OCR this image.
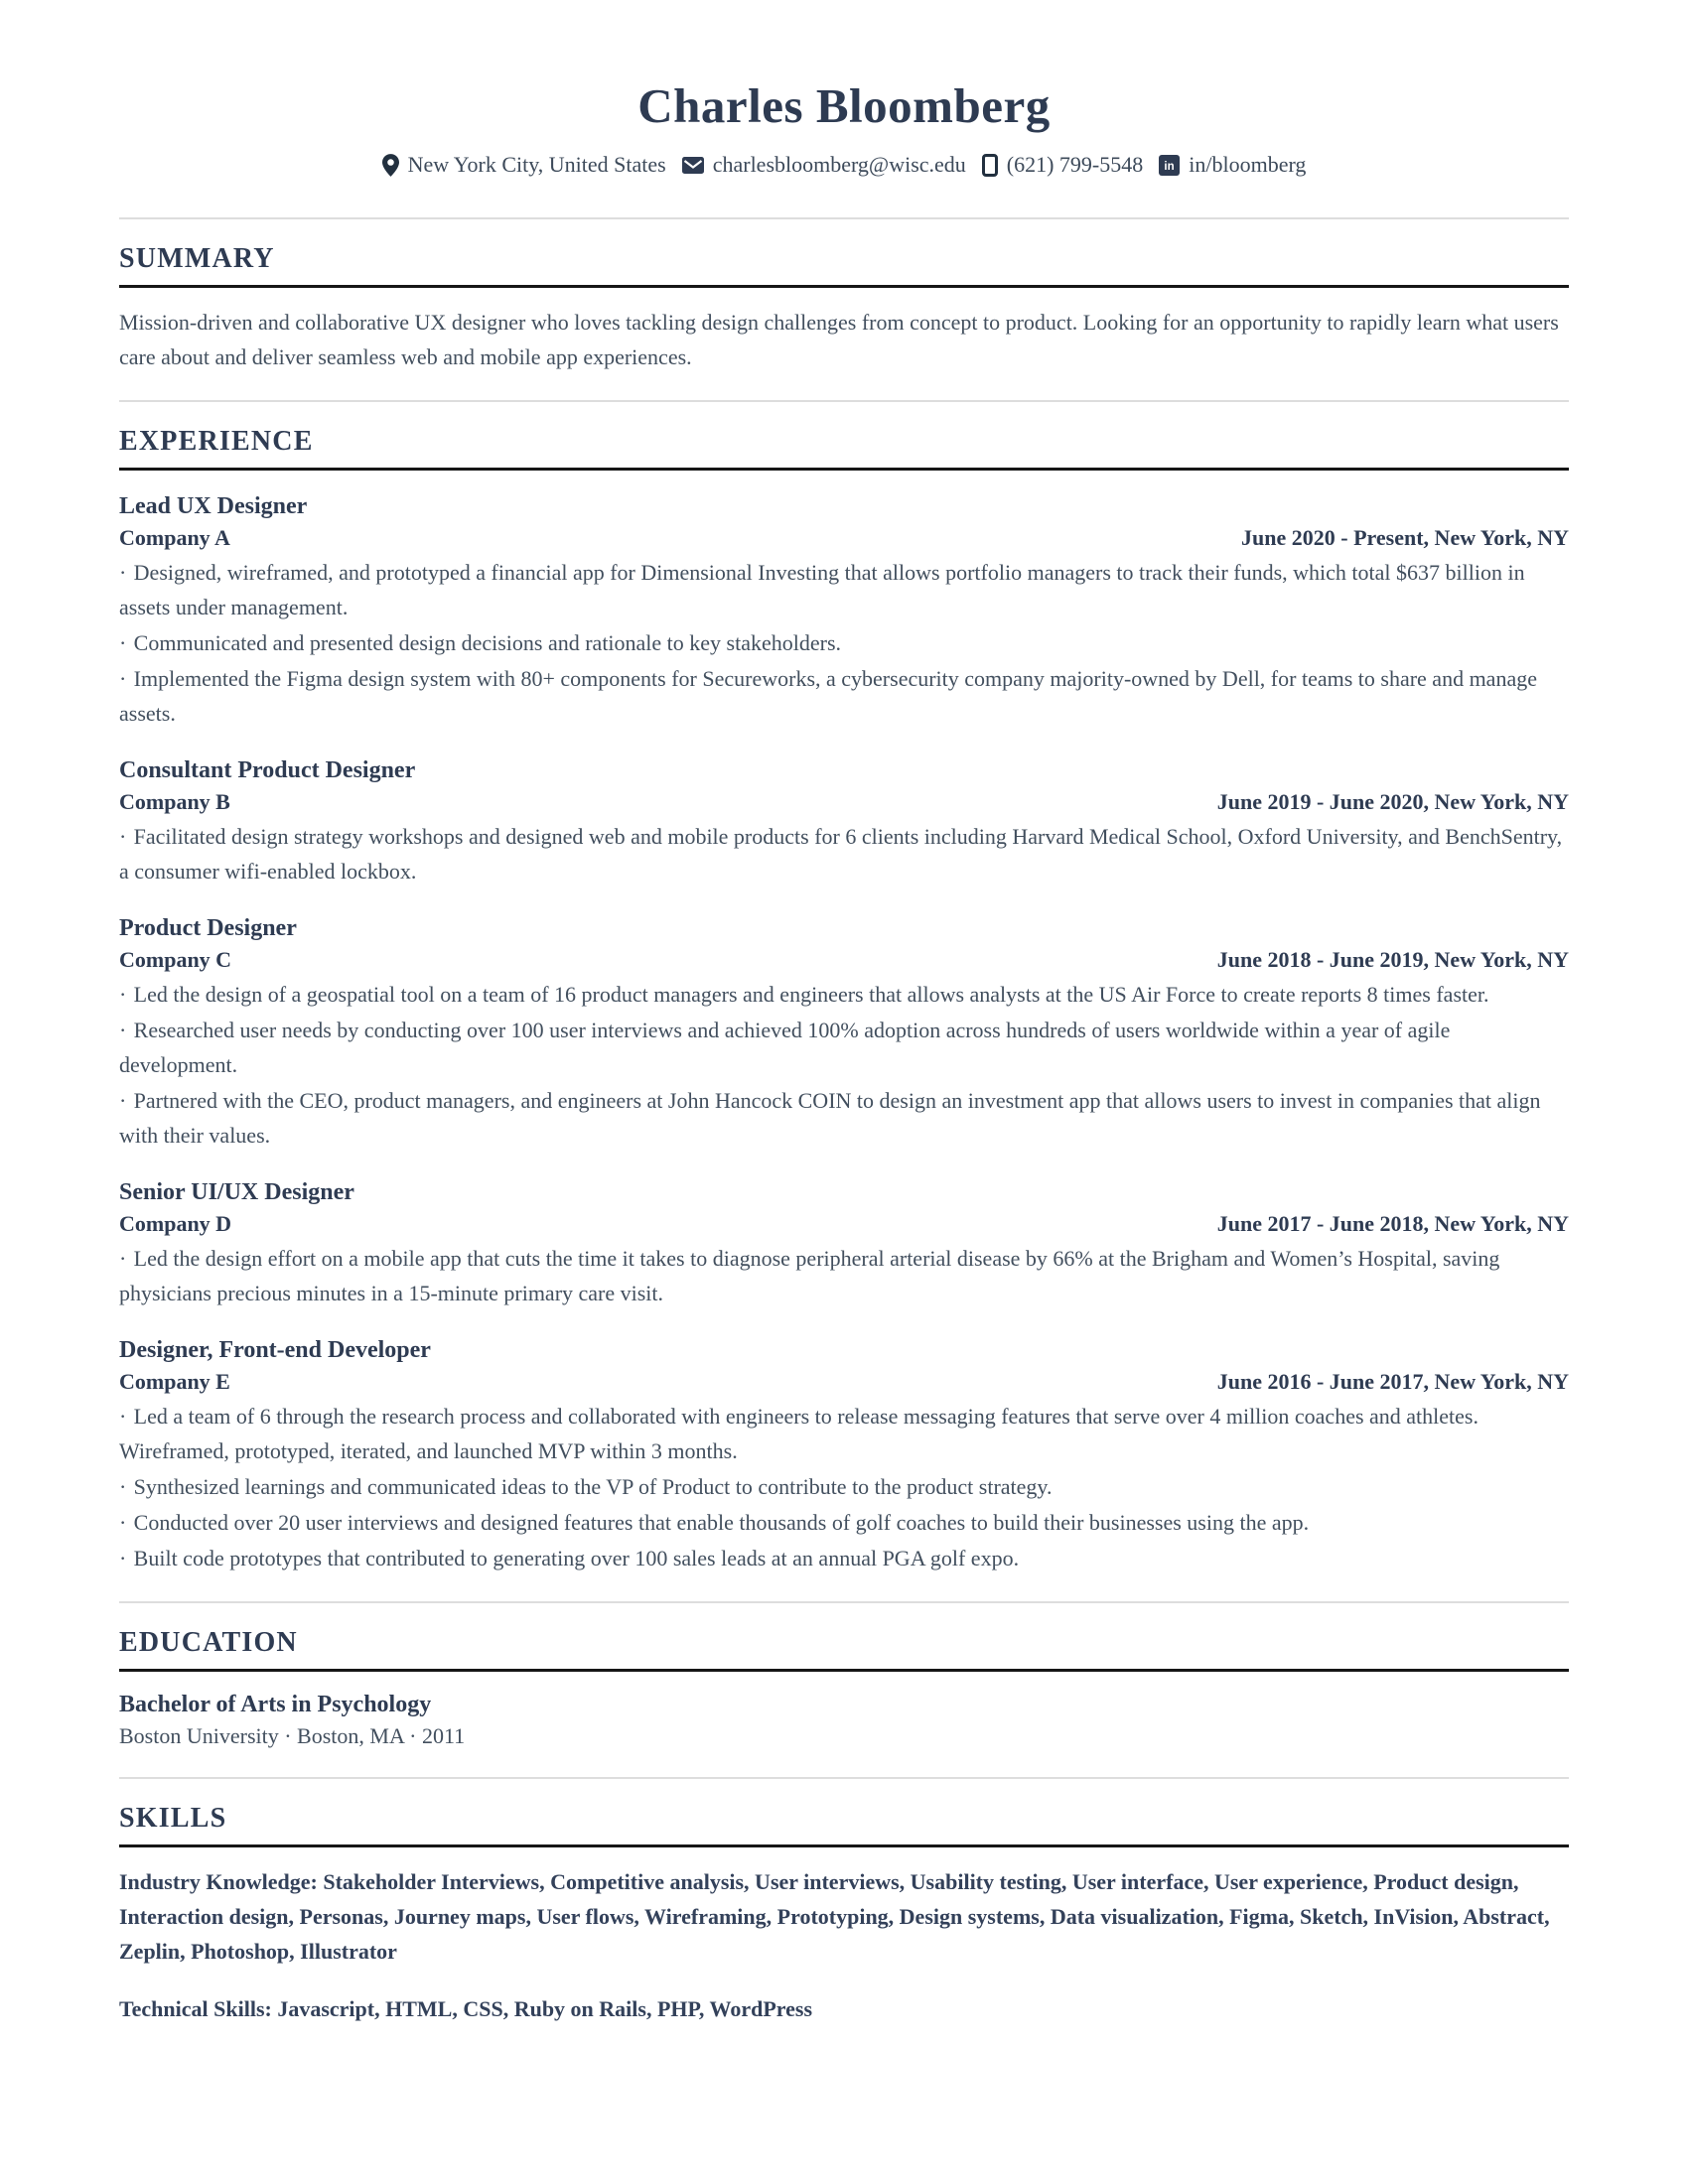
Charles Bloomberg
New York City, United States charlesbloomberg@wisc.edu (621) 799-5548 in in/bloomberg
SUMMARY

Mission-driven and collaborative UX designer who loves tackling design challenges from concept to product. Looking for an opportunity to rapidly learn what users care about and deliver seamless web and mobile app experiences.

EXPERIENCE
Lead UX Designer
Company A	June 2020 - Present, New York, NY
· Designed, wireframed, and prototyped a financial app for Dimensional Investing that allows portfolio managers to track their funds, which total $637 billion in assets under management.
· Communicated and presented design decisions and rationale to key stakeholders.
· Implemented the Figma design system with 80+ components for Secureworks, a cybersecurity company majority-owned by Dell, for teams to share and manage assets.
Consultant Product Designer
Company B	June 2019 - June 2020, New York, NY
· Facilitated design strategy workshops and designed web and mobile products for 6 clients including Harvard Medical School, Oxford University, and BenchSentry, a consumer wifi-enabled lockbox.
Product Designer
Company C	June 2018 - June 2019, New York, NY
· Led the design of a geospatial tool on a team of 16 product managers and engineers that allows analysts at the US Air Force to create reports 8 times faster.
· Researched user needs by conducting over 100 user interviews and achieved 100% adoption across hundreds of users worldwide within a year of agile development.
· Partnered with the CEO, product managers, and engineers at John Hancock COIN to design an investment app that allows users to invest in companies that align with their values.
Senior UI/UX Designer
Company D	June 2017 - June 2018, New York, NY
· Led the design effort on a mobile app that cuts the time it takes to diagnose peripheral arterial disease by 66% at the Brigham and Women’s Hospital, saving physicians precious minutes in a 15-minute primary care visit.
Designer, Front-end Developer
Company E	June 2016 - June 2017, New York, NY
· Led a team of 6 through the research process and collaborated with engineers to release messaging features that serve over 4 million coaches and athletes. Wireframed, prototyped, iterated, and launched MVP within 3 months.
· Synthesized learnings and communicated ideas to the VP of Product to contribute to the product strategy.
· Conducted over 20 user interviews and designed features that enable thousands of golf coaches to build their businesses using the app.
· Built code prototypes that contributed to generating over 100 sales leads at an annual PGA golf expo.
EDUCATION
Bachelor of Arts in Psychology
Boston University · Boston, MA · 2011
SKILLS

Industry Knowledge: Stakeholder Interviews, Competitive analysis, User interviews, Usability testing, User interface, User experience, Product design, Interaction design, Personas, Journey maps, User flows, Wireframing, Prototyping, Design systems, Data visualization, Figma, Sketch, InVision, Abstract, Zeplin, Photoshop, Illustrator

Technical Skills: Javascript, HTML, CSS, Ruby on Rails, PHP, WordPress
